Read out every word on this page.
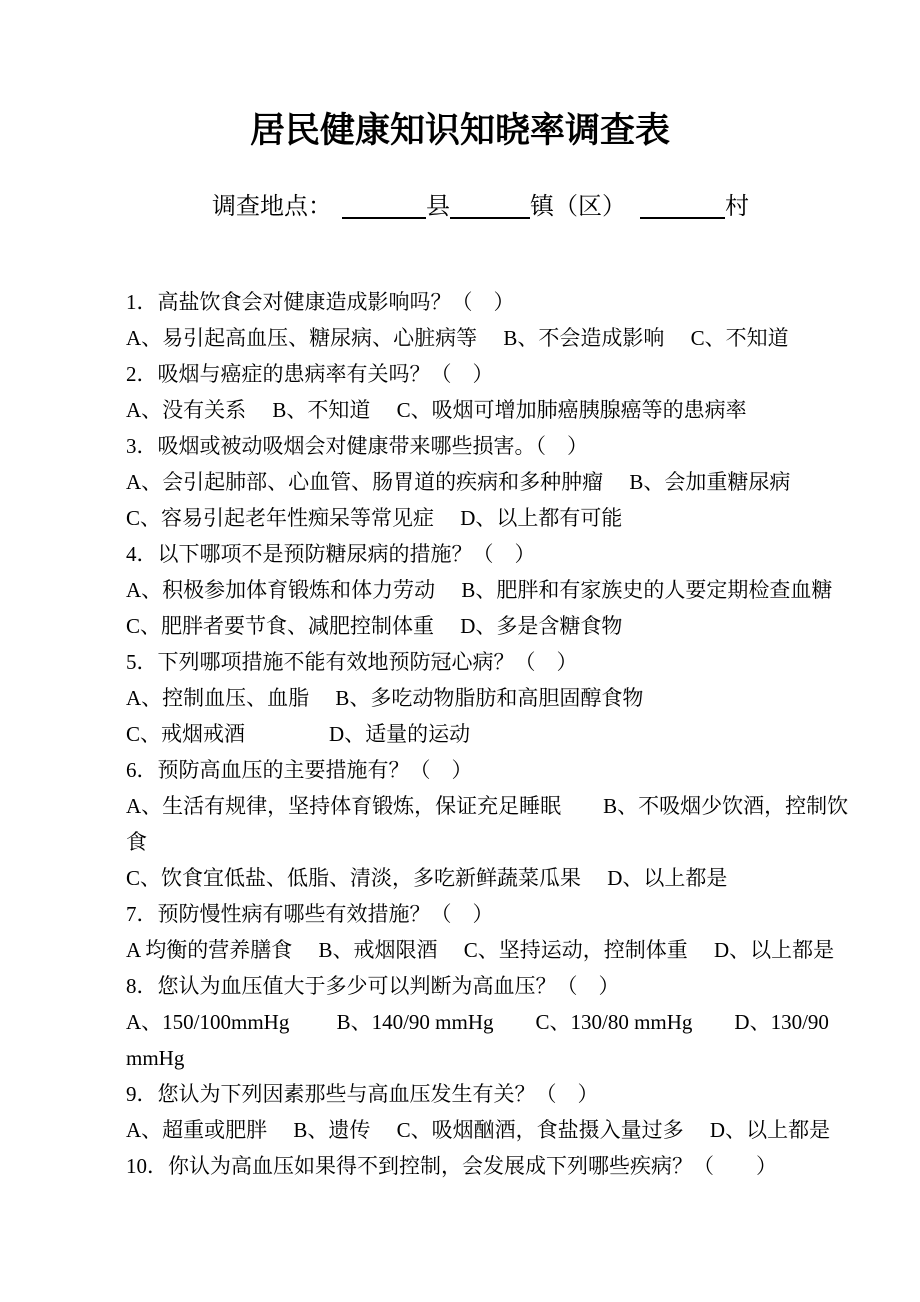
居民健康知识知晓率调查表
调查地点：	县	镇（区）	村

1．高盐饮食会对健康造成影响吗？（　）

A、易引起高血压、糖尿病、心脏病等　 B、不会造成影响　 C、不知道

2．吸烟与癌症的患病率有关吗？（　）

A、没有关系　 B、不知道　 C、吸烟可增加肺癌胰腺癌等的患病率

3．吸烟或被动吸烟会对健康带来哪些损害。（　）

A、会引起肺部、心血管、肠胃道的疾病和多种肿瘤　 B、会加重糖尿病

C、容易引起老年性痴呆等常见症　 D、以上都有可能

4．以下哪项不是预防糖尿病的措施？（　）

A、积极参加体育锻炼和体力劳动　 B、肥胖和有家族史的人要定期检查血糖

C、肥胖者要节食、减肥控制体重　 D、多是含糖食物

5．下列哪项措施不能有效地预防冠心病？（　）

A、控制血压、血脂　 B、多吃动物脂肪和高胆固醇食物

C、戒烟戒酒　　　　D、适量的运动

6．预防高血压的主要措施有？（　）

A、生活有规律，坚持体育锻炼，保证充足睡眠　　B、不吸烟少饮酒，控制饮

食

C、饮食宜低盐、低脂、清淡，多吃新鲜蔬菜瓜果　 D、以上都是

7．预防慢性病有哪些有效措施？（　）

A 均衡的营养膳食　 B、戒烟限酒　 C、坚持运动，控制体重　 D、以上都是

8．您认为血压值大于多少可以判断为高血压？（　）

A、150/100mmHg　　 B、140/90 mmHg　　C、130/80 mmHg　　D、130/90

mmHg

9．您认为下列因素那些与高血压发生有关？（　）

A、超重或肥胖　 B、遗传　 C、吸烟酗酒，食盐摄入量过多　 D、以上都是

10．你认为高血压如果得不到控制，会发展成下列哪些疾病？（　　）
